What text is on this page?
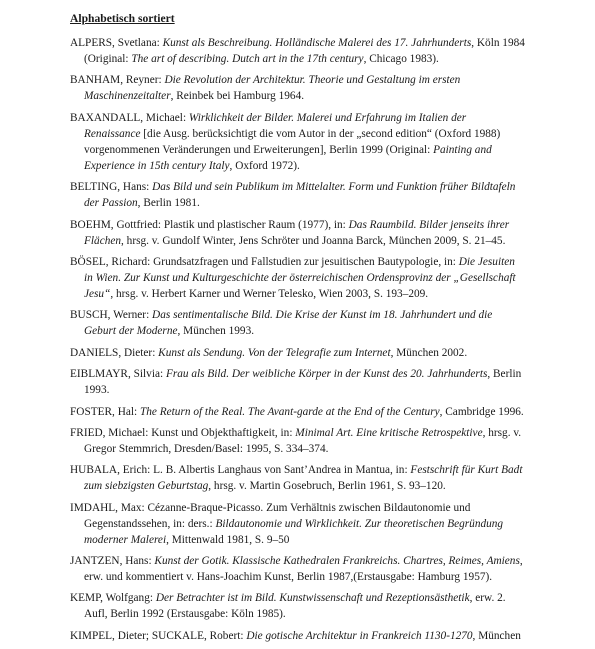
Alphabetisch sortiert
ALPERS, Svetlana: Kunst als Beschreibung. Holländische Malerei des 17. Jahrhunderts, Köln 1984 (Original: The art of describing. Dutch art in the 17th century, Chicago 1983).
BANHAM, Reyner: Die Revolution der Architektur. Theorie und Gestaltung im ersten Maschinenzeitalter, Reinbek bei Hamburg 1964.
BAXANDALL, Michael: Wirklichkeit der Bilder. Malerei und Erfahrung im Italien der Renaissance [die Ausg. berücksichtigt die vom Autor in der „second edition“ (Oxford 1988) vorgenommenen Veränderungen und Erweiterungen], Berlin 1999 (Original: Painting and Experience in 15th century Italy, Oxford 1972).
BELTING, Hans: Das Bild und sein Publikum im Mittelalter. Form und Funktion früher Bildtafeln der Passion, Berlin 1981.
BOEHM, Gottfried: Plastik und plastischer Raum (1977), in: Das Raumbild. Bilder jenseits ihrer Flächen, hrsg. v. Gundolf Winter, Jens Schröter und Joanna Barck, München 2009, S. 21–45.
BÖSEL, Richard: Grundsatzfragen und Fallstudien zur jesuitischen Bautypologie, in: Die Jesuiten in Wien. Zur Kunst und Kulturgeschichte der österreichischen Ordensprovinz der „Gesellschaft Jesu“, hrsg. v. Herbert Karner und Werner Telesko, Wien 2003, S. 193–209.
BUSCH, Werner: Das sentimentalische Bild. Die Krise der Kunst im 18. Jahrhundert und die Geburt der Moderne, München 1993.
DANIELS, Dieter: Kunst als Sendung. Von der Telegrafie zum Internet, München 2002.
EIBLMAYR, Silvia: Frau als Bild. Der weibliche Körper in der Kunst des 20. Jahrhunderts, Berlin 1993.
FOSTER, Hal: The Return of the Real. The Avant-garde at the End of the Century, Cambridge 1996.
FRIED, Michael: Kunst und Objekthaftigkeit, in: Minimal Art. Eine kritische Retrospektive, hrsg. v. Gregor Stemmrich, Dresden/Basel: 1995, S. 334–374.
HUBALA, Erich: L. B. Albertis Langhaus von Sant’Andrea in Mantua, in: Festschrift für Kurt Badt zum siebzigsten Geburtstag, hrsg. v. Martin Gosebruch, Berlin 1961, S. 93–120.
IMDAHL, Max: Cézanne-Braque-Picasso. Zum Verhältnis zwischen Bildautonomie und Gegenstandssehen, in: ders.: Bildautonomie und Wirklichkeit. Zur theoretischen Begründung moderner Malerei, Mittenwald 1981, S. 9–50
JANTZEN, Hans: Kunst der Gotik. Klassische Kathedralen Frankreichs. Chartres, Reimes, Amiens, erw. und kommentiert v. Hans-Joachim Kunst, Berlin 1987,(Erstausgabe: Hamburg 1957).
KEMP, Wolfgang: Der Betrachter ist im Bild. Kunstwissenschaft und Rezeptionsästhetik, erw. 2. Aufl, Berlin 1992 (Erstausgabe: Köln 1985).
KIMPEL, Dieter; SUCKALE, Robert: Die gotische Architektur in Frankreich 1130-1270, München
